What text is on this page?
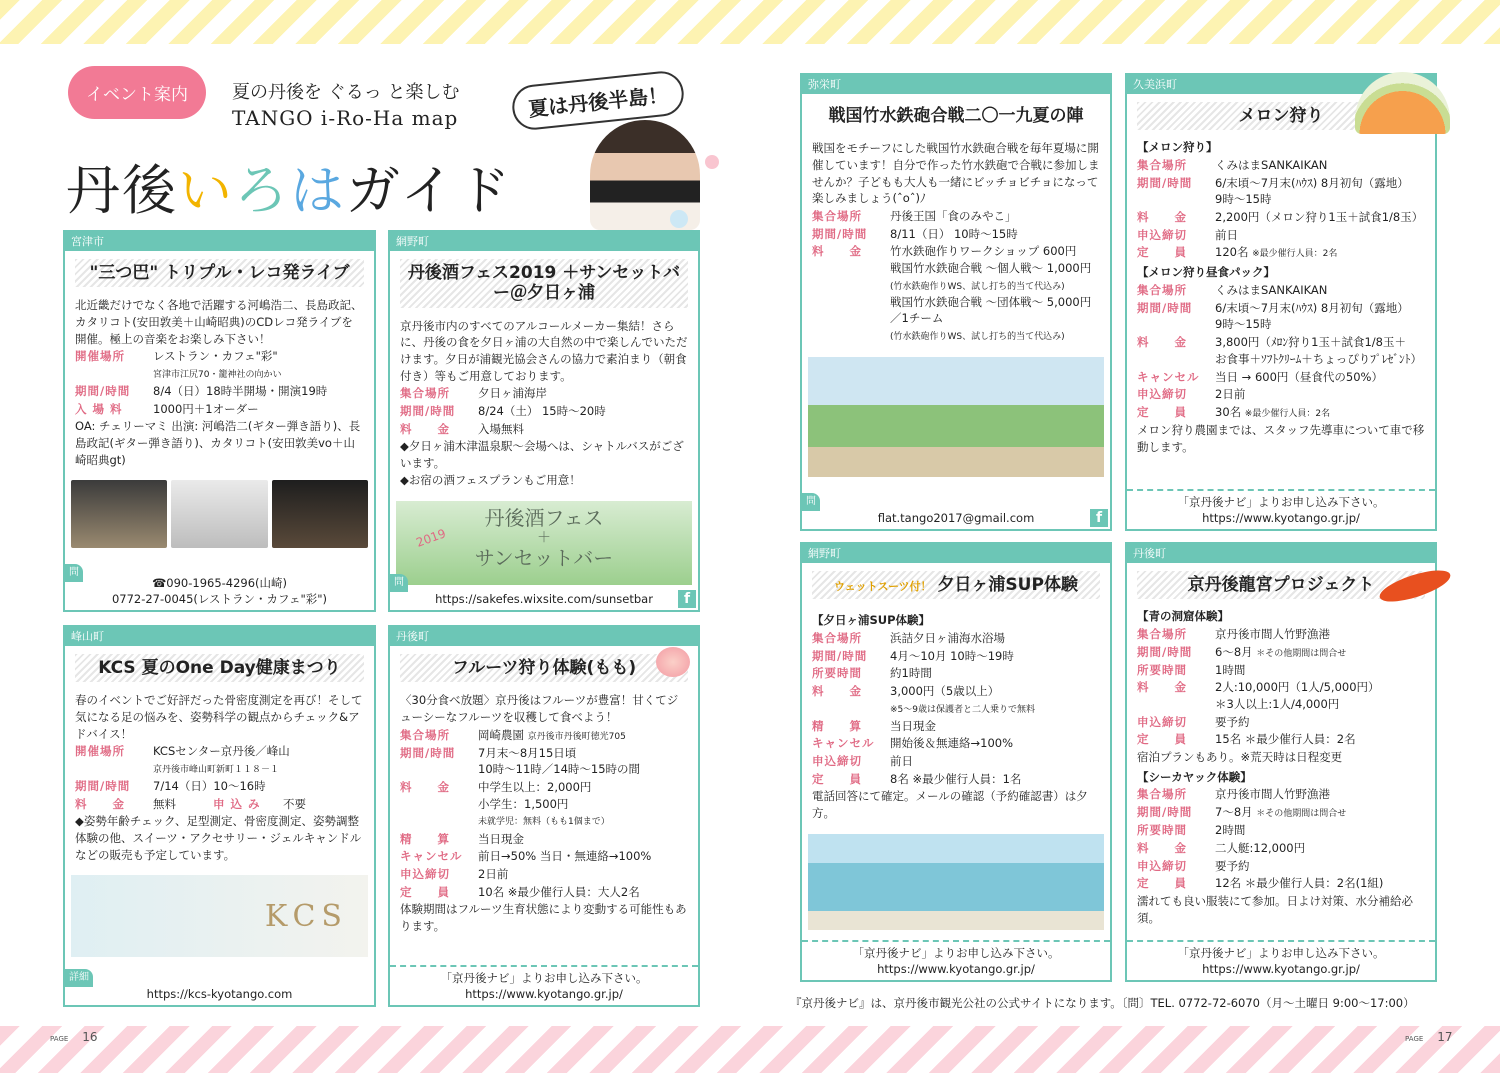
PAGE 16	PAGE 17
イベント案内	夏の丹後を ぐるっ と楽しむ
TANGO i-Ro-Ha map
丹後いろはガイド
夏は丹後半島！
宮津市
"三つ巴" トリプル・レコ発ライブ
北近畿だけでなく各地で活躍する河嶋浩二、長島政記、カタリコト(安田敦美＋山崎昭典)のCDレコ発ライブを開催。極上の音楽をお楽しみ下さい！
開催場所	レストラン・カフェ"彩"
宮津市江尻70・籠神社の向かい
期間/時間	8/4（日）18時半開場・開演19時
入 場 料	1000円＋1オーダー
OA: チェリーマミ 出演: 河嶋浩二(ギター弾き語り)、長島政記(ギター弾き語り)、カタリコト(安田敦美vo＋山崎昭典gt)
問
☎090-1965-4296(山崎)
0772-27-0045(レストラン・カフェ"彩")
網野町
丹後酒フェス2019 ＋サンセットバー＠夕日ヶ浦
京丹後市内のすべてのアルコールメーカー集結！さらに、丹後の食を夕日ヶ浦の大自然の中で楽しんでいただけます。夕日が浦観光協会さんの協力で素泊まり（朝食付き）等もご用意しております。
集合場所	夕日ヶ浦海岸
期間/時間	8/24（土） 15時～20時
料　　金	入場無料
◆夕日ヶ浦木津温泉駅～会場へは、シャトルバスがございます。
◆お宿の酒フェスプランもご用意！
2019
丹後酒フェス
＋
サンセットバー
問
https://sakefes.wixsite.com/sunsetbar	f
峰山町
KCS 夏のOne Day健康まつり
春のイベントでご好評だった骨密度測定を再び！そして気になる足の悩みを、姿勢科学の観点からチェック&アドバイス！
開催場所	KCSセンター京丹後／峰山
京丹後市峰山町新町１１８－１
期間/時間	7/14（日）10～16時
料　　金	無料	申 込 み	不要
◆姿勢年齢チェック、足型測定、骨密度測定、姿勢調整体験の他、スイーツ・アクセサリー・ジェルキャンドルなどの販売も予定しています。
KCS
詳細
https://kcs-kyotango.com
丹後町
フルーツ狩り体験(もも)
〈30分食べ放題〉京丹後はフルーツが豊富！甘くてジューシーなフルーツを収穫して食べよう！
集合場所	岡崎農園 京丹後市丹後町徳光705
期間/時間	7月末～8月15日頃
10時～11時／14時～15時の間
料　　金	中学生以上：2,000円
小学生：1,500円
未就学児：無料（もも1個まで）
精　　算	当日現金
キャンセル	前日→50% 当日・無連絡→100%
申込締切	2日前
定　　員	10名 ※最少催行人員：大人2名
体験期間はフルーツ生育状態により変動する可能性もあります。
「京丹後ナビ」よりお申し込み下さい。
https://www.kyotango.gr.jp/
弥栄町
戦国竹水鉄砲合戦二〇一九夏の陣
戦国をモチーフにした戦国竹水鉄砲合戦を毎年夏場に開催しています！自分で作った竹水鉄砲で合戦に参加しませんか？子どもも大人も一緒にビッチョビチョになって楽しみましょう(ˆoˆ)ﾉ
集合場所	丹後王国「食のみやこ」
期間/時間	8/11（日） 10時～15時
料　　金	竹水鉄砲作りワークショップ 600円
戦国竹水鉄砲合戦 ～個人戦～ 1,000円
(竹水鉄砲作りWS、試し打ち的当て代込み)
戦国竹水鉄砲合戦 ～団体戦～ 5,000円／1チーム
(竹水鉄砲作りWS、試し打ち的当て代込み)
問
flat.tango2017@gmail.com	f
網野町
ウェットスーツ付！ 夕日ヶ浦SUP体験
【夕日ヶ浦SUP体験】
集合場所	浜詰夕日ヶ浦海水浴場
期間/時間	4月～10月 10時～19時
所要時間	約1時間
料　　金	3,000円（5歳以上）
※5～9歳は保護者と二人乗りで無料
精　　算	当日現金
キャンセル	開始後＆無連絡→100%
申込締切	前日
定　　員	8名 ※最少催行人員：1名
電話回答にて確定。メールの確認（予約確認書）は夕方。
「京丹後ナビ」よりお申し込み下さい。
https://www.kyotango.gr.jp/
久美浜町
メロン狩り
【メロン狩り】
集合場所	くみはまSANKAIKAN
期間/時間	6/末頃～7月末(ﾊｳｽ) 8月初旬（露地）
9時～15時
料　　金	2,200円（メロン狩り1玉＋試食1/8玉）
申込締切	前日
定　　員	120名 ※最少催行人員：2名
【メロン狩り昼食パック】
集合場所	くみはまSANKAIKAN
期間/時間	6/末頃～7月末(ﾊｳｽ) 8月初旬（露地）
9時～15時
料　　金	3,800円（ﾒﾛﾝ狩り1玉＋試食1/8玉＋
お食事＋ｿﾌﾄｸﾘｰﾑ＋ちょっぴりﾌﾟﾚｾﾞﾝﾄ）
キャンセル	当日 → 600円（昼食代の50%）
申込締切	2日前
定　　員	30名 ※最少催行人員：2名
メロン狩り農園までは、スタッフ先導車について車で移動します。
「京丹後ナビ」よりお申し込み下さい。
https://www.kyotango.gr.jp/
丹後町
京丹後龍宮プロジェクト
【青の洞窟体験】
集合場所	京丹後市間人竹野漁港
期間/時間	6～8月 ＊その他期間は問合せ
所要時間	1時間
料　　金	2人:10,000円（1人/5,000円）
＊3人以上:1人/4,000円
申込締切	要予約
定　　員	15名 ＊最少催行人員：2名
宿泊プランもあり。※荒天時は日程変更
【シーカヤック体験】
集合場所	京丹後市間人竹野漁港
期間/時間	7～8月 ＊その他期間は問合せ
所要時間	2時間
料　　金	二人艇:12,000円
申込締切	要予約
定　　員	12名 ＊最少催行人員：2名(1組)
濡れても良い服装にて参加。日よけ対策、水分補給必須。
「京丹後ナビ」よりお申し込み下さい。
https://www.kyotango.gr.jp/
『京丹後ナビ』は、京丹後市観光公社の公式サイトになります。〔問〕TEL. 0772-72-6070（月～土曜日 9:00～17:00）
